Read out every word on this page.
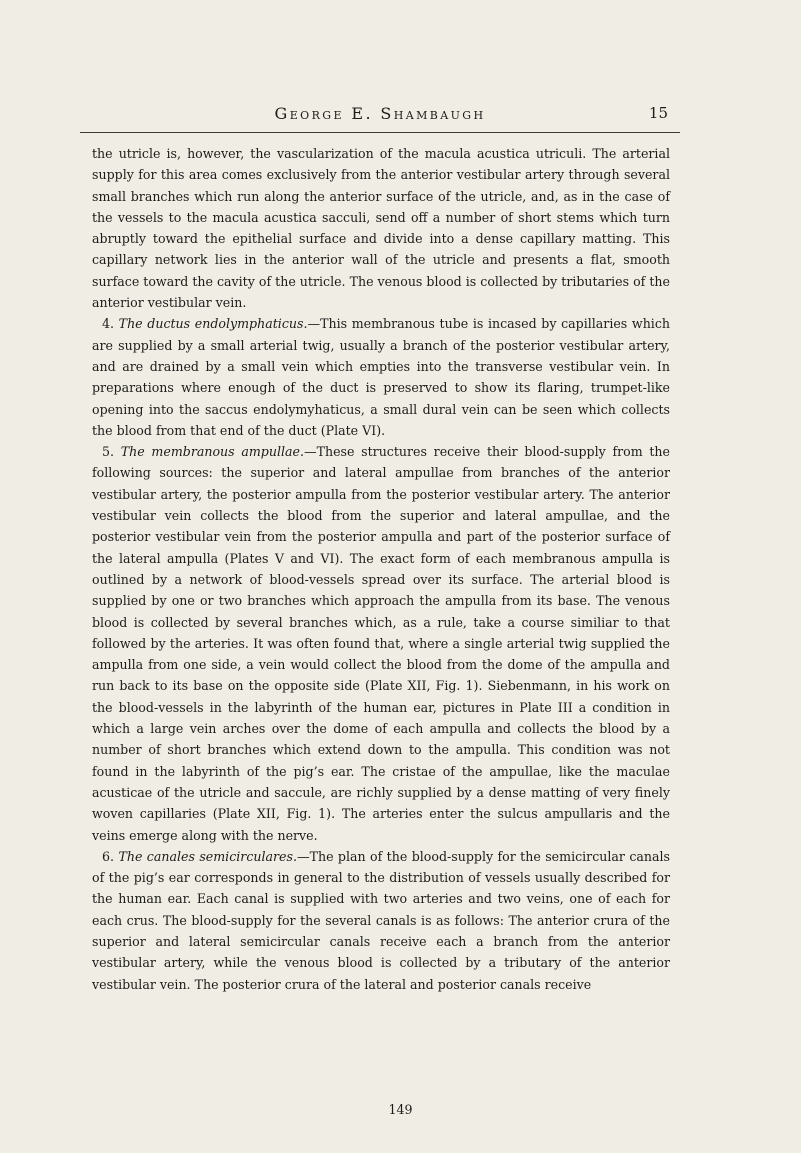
George E. Shambaugh	15

the utricle is, however, the vascularization of the macula acustica utriculi. The arterial supply for this area comes exclusively from the anterior vestibular artery through several small branches which run along the anterior surface of the utricle, and, as in the case of the vessels to the macula acustica sacculi, send off a number of short stems which turn abruptly toward the epithelial surface and divide into a dense capillary matting. This capillary network lies in the anterior wall of the utricle and presents a flat, smooth surface toward the cavity of the utricle. The venous blood is collected by tributaries of the anterior vestibular vein.

4. The ductus endolymphaticus.—This membranous tube is incased by capillaries which are supplied by a small arterial twig, usually a branch of the posterior vestibular artery, and are drained by a small vein which empties into the transverse vestibular vein. In preparations where enough of the duct is preserved to show its flaring, trumpet-like opening into the saccus endolymyhaticus, a small dural vein can be seen which collects the blood from that end of the duct (Plate VI).

5. The membranous ampullae.—These structures receive their blood-supply from the following sources: the superior and lateral ampullae from branches of the anterior vestibular artery, the posterior ampulla from the posterior vestibular artery. The anterior vestibular vein collects the blood from the superior and lateral ampullae, and the posterior vestibular vein from the posterior ampulla and part of the posterior surface of the lateral ampulla (Plates V and VI). The exact form of each membranous ampulla is outlined by a network of blood-vessels spread over its surface. The arterial blood is supplied by one or two branches which approach the ampulla from its base. The venous blood is collected by several branches which, as a rule, take a course similiar to that followed by the arteries. It was often found that, where a single arterial twig supplied the ampulla from one side, a vein would collect the blood from the dome of the ampulla and run back to its base on the opposite side (Plate XII, Fig. 1). Siebenmann, in his work on the blood-vessels in the labyrinth of the human ear, pictures in Plate III a condition in which a large vein arches over the dome of each ampulla and collects the blood by a number of short branches which extend down to the ampulla. This condition was not found in the labyrinth of the pig’s ear. The cristae of the ampullae, like the maculae acusticae of the utricle and saccule, are richly supplied by a dense matting of very finely woven capillaries (Plate XII, Fig. 1). The arteries enter the sulcus ampullaris and the veins emerge along with the nerve.

6. The canales semicirculares.—The plan of the blood-supply for the semicircular canals of the pig’s ear corresponds in general to the distribution of vessels usually described for the human ear. Each canal is supplied with two arteries and two veins, one of each for each crus. The blood-supply for the several canals is as follows: The anterior crura of the superior and lateral semicircular canals receive each a branch from the anterior vestibular artery, while the venous blood is collected by a tributary of the anterior vestibular vein. The posterior crura of the lateral and posterior canals receive

149
